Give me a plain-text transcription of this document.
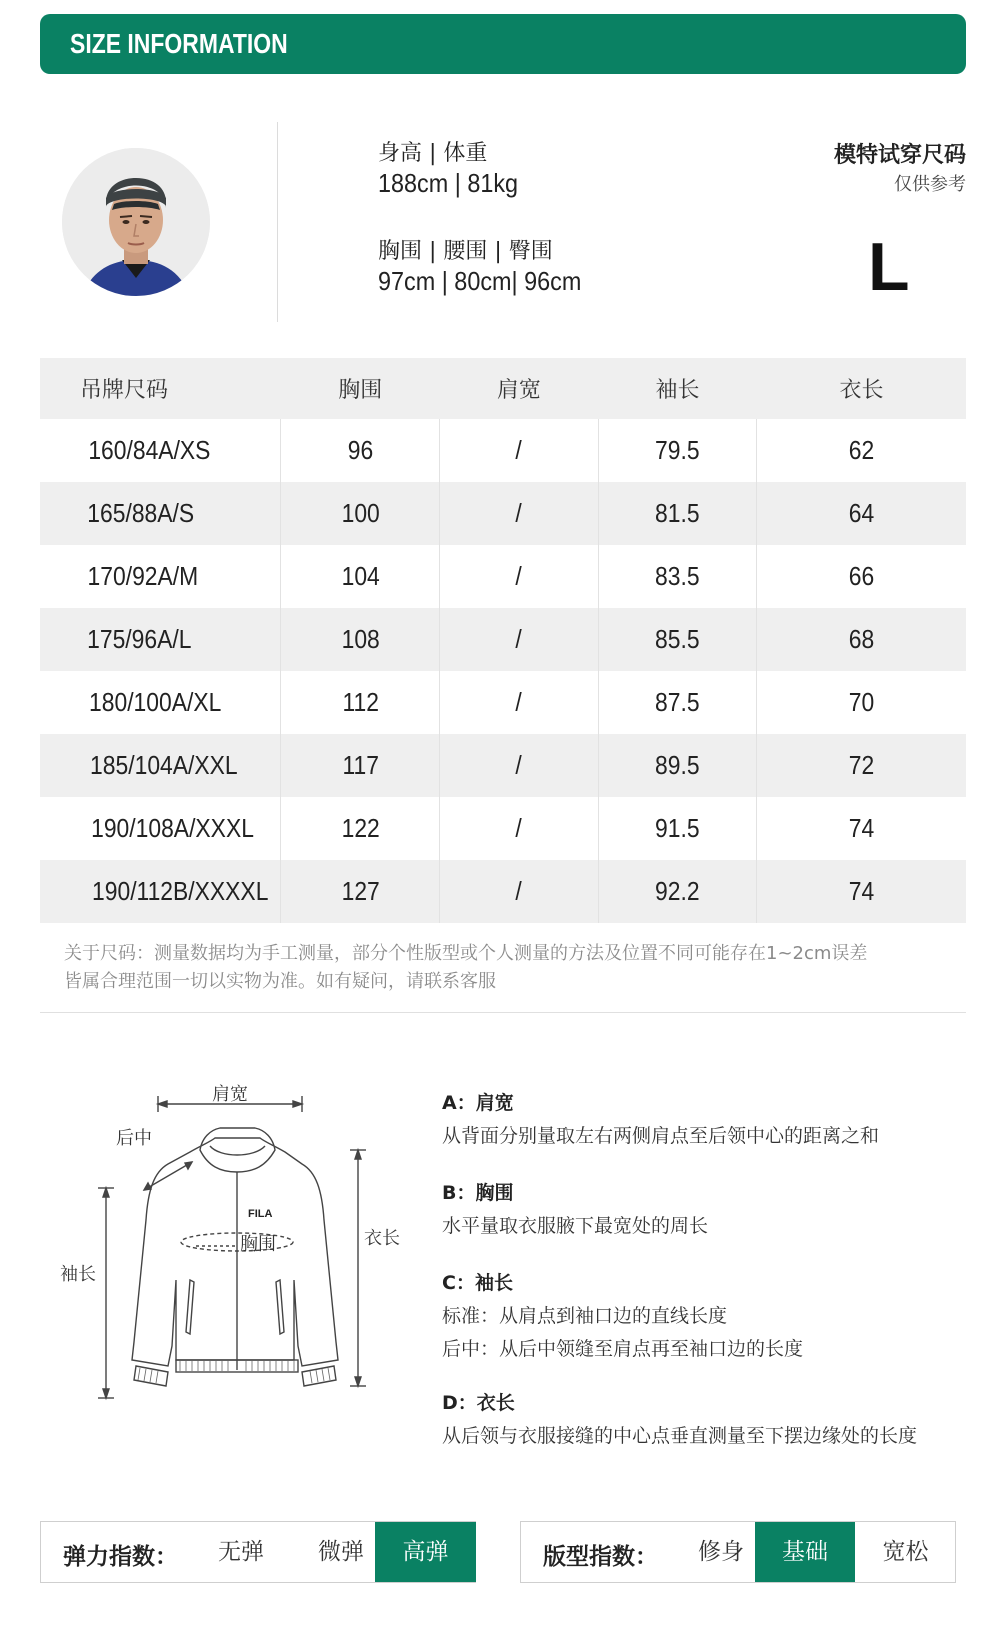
SIZE INFORMATION
身高 | 体重
188cm | 81kg
胸围 | 腰围 | 臀围
97cm | 80cm| 96cm
模特试穿尺码
仅供参考
L
吊牌尺码	胸围	肩宽	袖长	衣长
160/84A/XS	96	/	79.5	62
165/88A/S	100	/	81.5	64
170/92A/M	104	/	83.5	66
175/96A/L	108	/	85.5	68
180/100A/XL	112	/	87.5	70
185/104A/XXL	117	/	89.5	72
190/108A/XXXL	122	/	91.5	74
190/112B/XXXXL	127	/	92.2	74
关于尺码：测量数据均为手工测量，部分个性版型或个人测量的方法及位置不同可能存在1~2cm误差
皆属合理范围一切以实物为准。如有疑问，请联系客服
FILA
肩宽
后中
袖长
胸围	衣长
A：肩宽
从背面分别量取左右两侧肩点至后领中心的距离之和
B：胸围
水平量取衣服腋下最宽处的周长
C：袖长
标准：从肩点到袖口边的直线长度
后中：从后中领缝至肩点再至袖口边的长度
D：衣长
从后领与衣服接缝的中心点垂直测量至下摆边缘处的长度
弹力指数：	无弹	微弹	高弹	版型指数：	修身	基础	宽松
